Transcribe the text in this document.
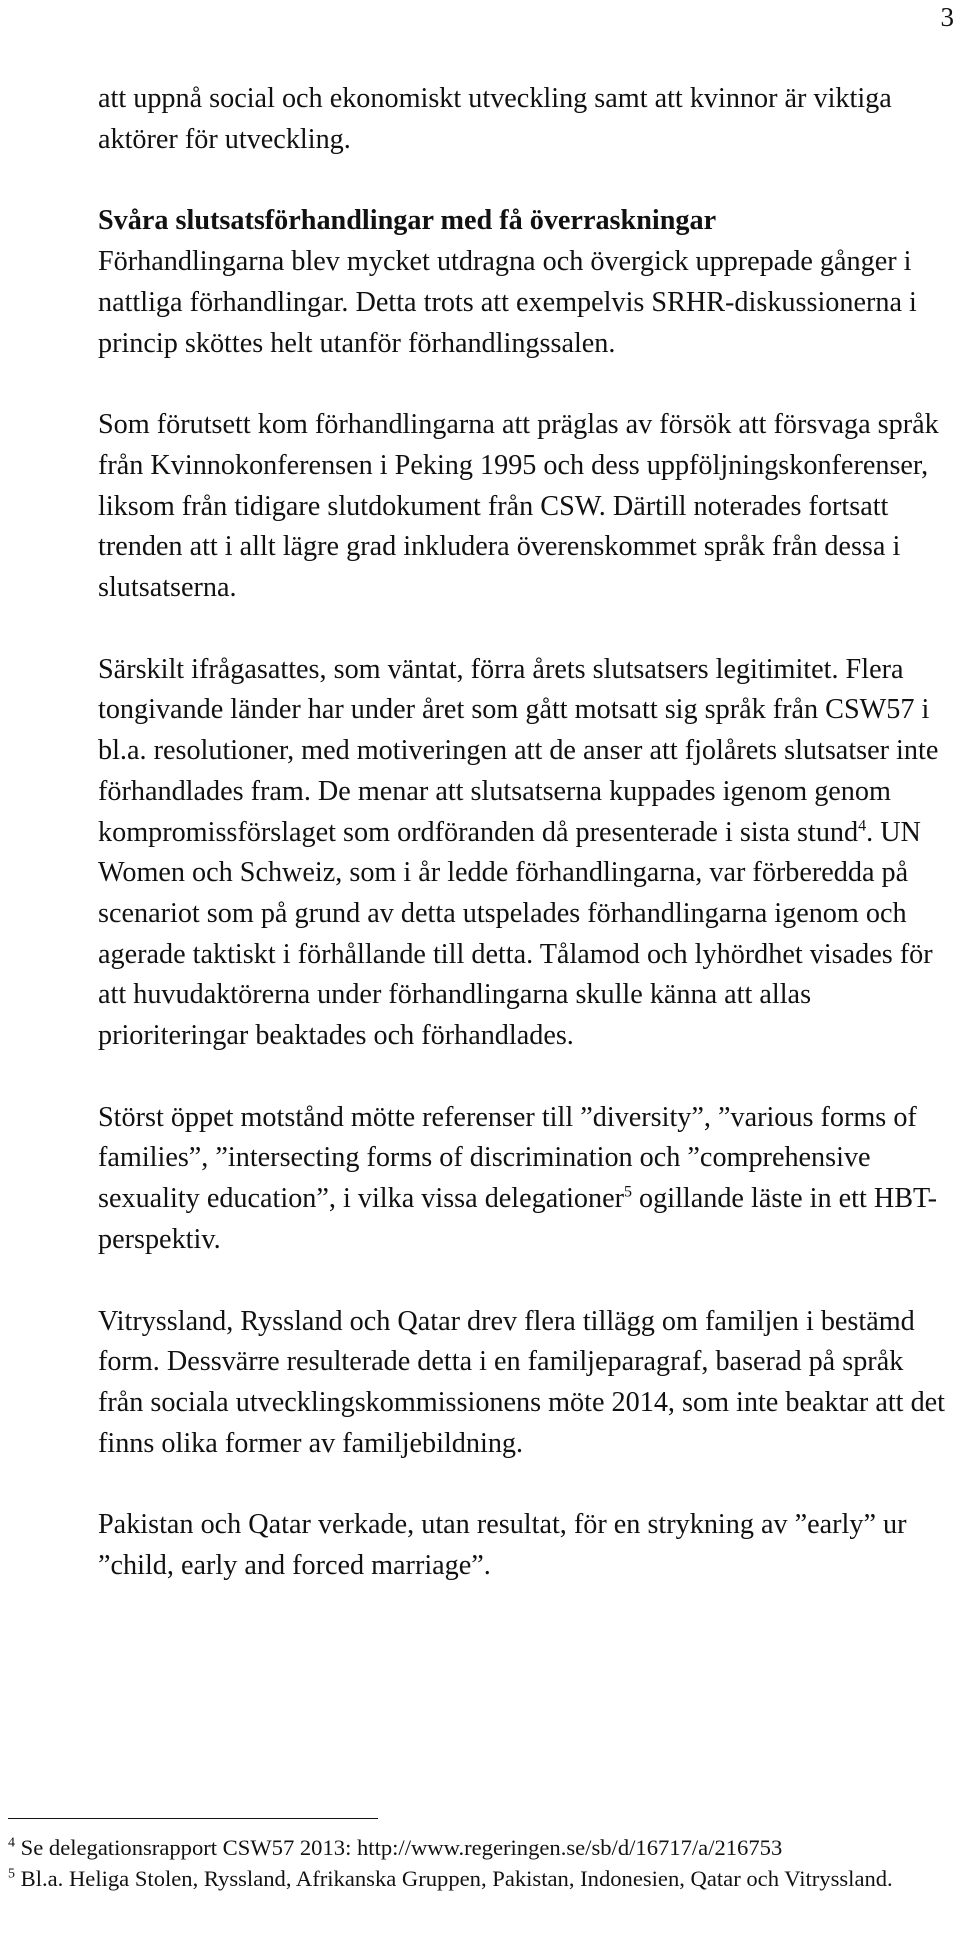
3

att uppnå social och ekonomiskt utveckling samt att kvinnor är viktiga aktörer för utveckling.

Svåra slutsatsförhandlingar med få överraskningar
Förhandlingarna blev mycket utdragna och övergick upprepade gånger i nattliga förhandlingar. Detta trots att exempelvis SRHR-diskussionerna i princip sköttes helt utanför förhandlingssalen.

Som förutsett kom förhandlingarna att präglas av försök att försvaga språk från Kvinnokonferensen i Peking 1995 och dess uppföljningskonferenser, liksom från tidigare slutdokument från CSW. Därtill noterades fortsatt trenden att i allt lägre grad inkludera överenskommet språk från dessa i slutsatserna.

Särskilt ifrågasattes, som väntat, förra årets slutsatsers legitimitet. Flera tongivande länder har under året som gått motsatt sig språk från CSW57 i bl.a. resolutioner, med motiveringen att de anser att fjolårets slutsatser inte förhandlades fram. De menar att slutsatserna kuppades igenom genom kompromissförslaget som ordföranden då presenterade i sista stund$^4$. UN Women och Schweiz, som i år ledde förhandlingarna, var förberedda på scenariot som på grund av detta utspelades förhandlingarna igenom och agerade taktiskt i förhållande till detta. Tålamod och lyhördhet visades för att huvudaktörerna under förhandlingarna skulle känna att allas prioriteringar beaktades och förhandlades.

Störst öppet motstånd mötte referenser till ”diversity”, ”various forms of families”, ”intersecting forms of discrimination och ”comprehensive sexuality education”, i vilka vissa delegationer$^5$ ogillande läste in ett HBT-perspektiv.

Vitryssland, Ryssland och Qatar drev flera tillägg om familjen i bestämd form. Dessvärre resulterade detta i en familjeparagraf, baserad på språk från sociala utvecklingskommissionens möte 2014, som inte beaktar att det finns olika former av familjebildning.

Pakistan och Qatar verkade, utan resultat, för en strykning av ”early” ur ”child, early and forced marriage”.

$^4$ Se delegationsrapport CSW57 2013: http://www.regeringen.se/sb/d/16717/a/216753

$^5$ Bl.a. Heliga Stolen, Ryssland, Afrikanska Gruppen, Pakistan, Indonesien, Qatar och Vitryssland.
